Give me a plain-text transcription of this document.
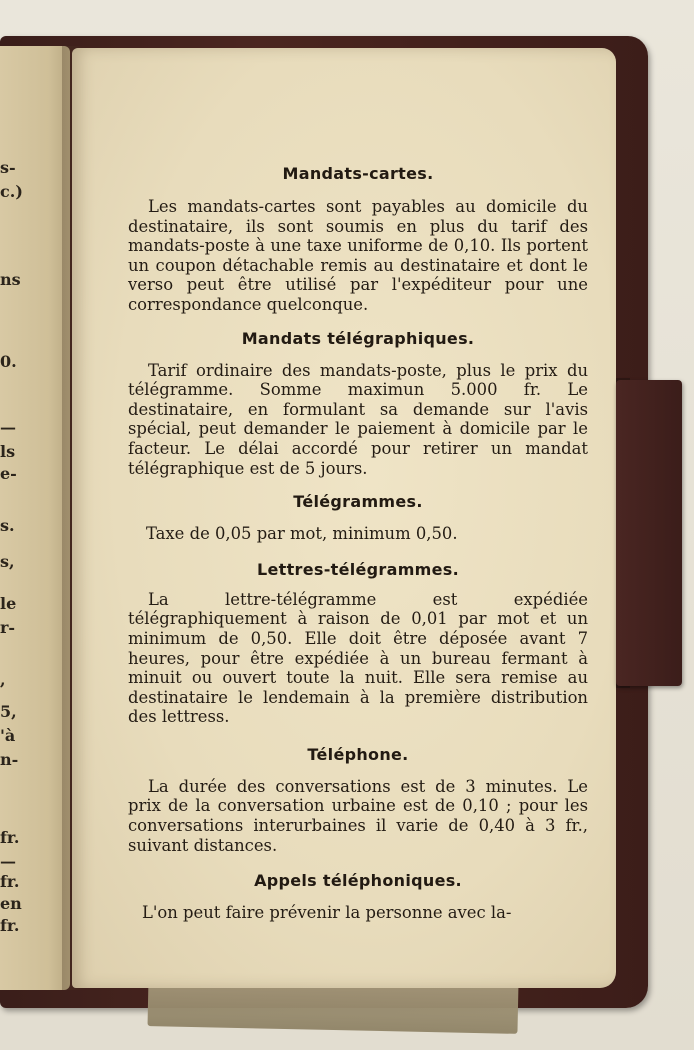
s-
c.)
ns
0.
—
ls
e-
s.
s,
le
r-
,
5,
'à
n-
fr.
—
fr.
en
fr.
Mandats-cartes.

Les mandats-cartes sont payables au domicile du destinataire, ils sont soumis en plus du tarif des mandats-poste à une taxe uniforme de 0,10. Ils portent un coupon détachable remis au destinataire et dont le verso peut être utilisé par l'expéditeur pour une correspondance quelconque.

Mandats télégraphiques.

Tarif ordinaire des mandats-poste, plus le prix du télégramme. Somme maximun 5.000 fr. Le destinataire, en formulant sa demande sur l'avis spécial, peut demander le paiement à domicile par le facteur. Le délai accordé pour retirer un mandat télégraphique est de 5 jours.

Télégrammes.

Taxe de 0,05 par mot, minimum 0,50.

Lettres-télégrammes.

La lettre-télégramme est expédiée télégraphiquement à raison de 0,01 par mot et un minimum de 0,50. Elle doit être déposée avant 7 heures, pour être expédiée à un bureau fermant à minuit ou ouvert toute la nuit. Elle sera remise au destinataire le lendemain à la première distribution des lettress.

Téléphone.

La durée des conversations est de 3 minutes. Le prix de la conversation urbaine est de 0,10 ; pour les conversations interurbaines il varie de 0,40 à 3 fr., suivant distances.

Appels téléphoniques.

L'on peut faire prévenir la personne avec la-
